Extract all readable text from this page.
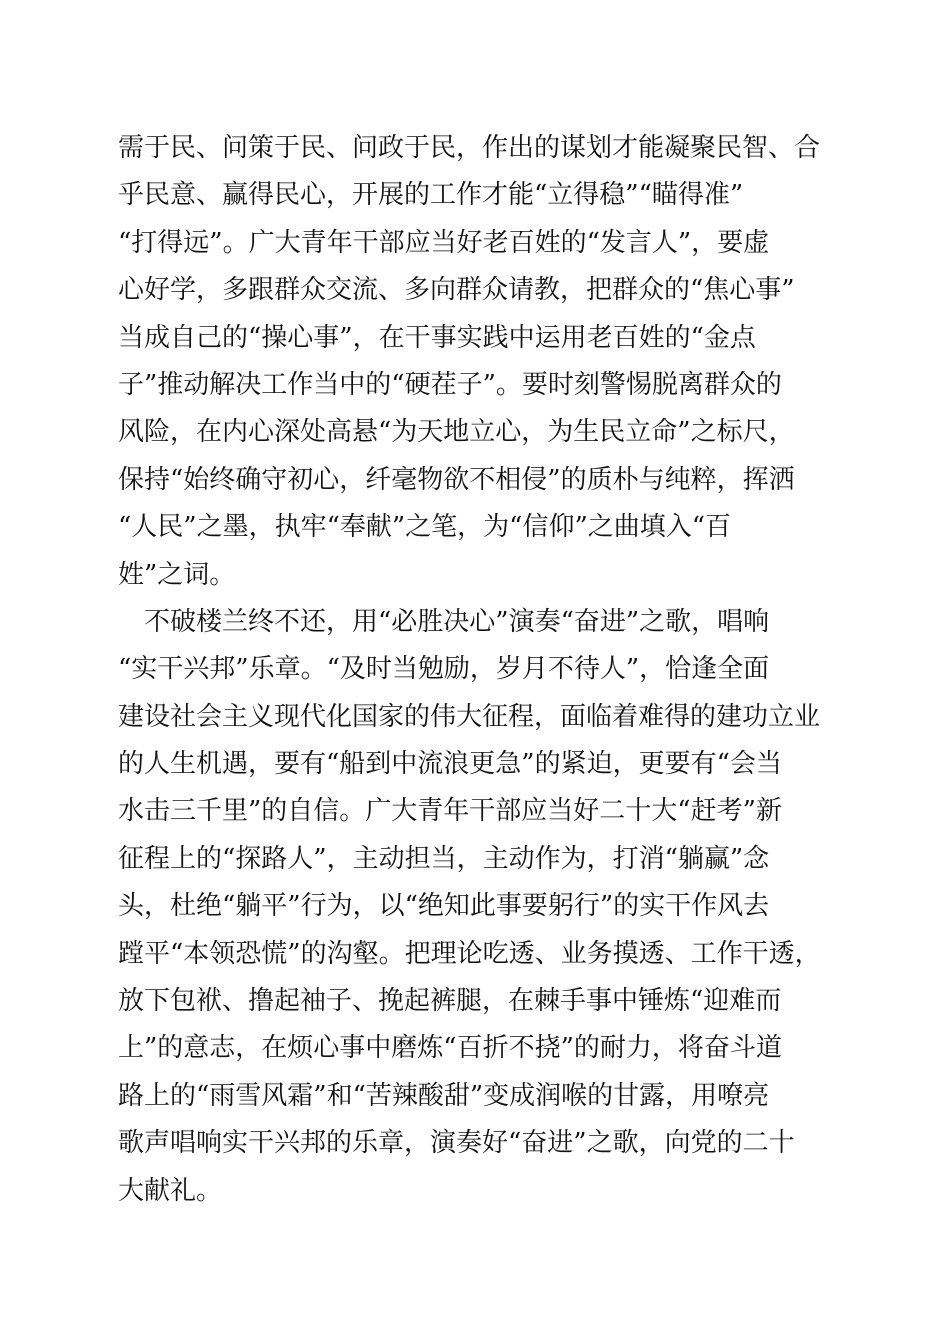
需于民、问策于民、问政于民，作出的谋划才能凝聚民智、合
乎民意、赢得民心，开展的工作才能“立得稳”“瞄得准”
“打得远”。广大青年干部应当好老百姓的“发言人”，要虚
心好学，多跟群众交流、多向群众请教，把群众的“焦心事”
当成自己的“操心事”，在干事实践中运用老百姓的“金点
子”推动解决工作当中的“硬茬子”。要时刻警惕脱离群众的
风险，在内心深处高悬“为天地立心，为生民立命”之标尺，
保持“始终确守初心，纤毫物欲不相侵”的质朴与纯粹，挥洒
“人民”之墨，执牢“奉献”之笔，为“信仰”之曲填入“百
姓”之词。
　不破楼兰终不还，用“必胜决心”演奏“奋进”之歌，唱响
“实干兴邦”乐章。“及时当勉励，岁月不待人”，恰逢全面
建设社会主义现代化国家的伟大征程，面临着难得的建功立业
的人生机遇，要有“船到中流浪更急”的紧迫，更要有“会当
水击三千里”的自信。广大青年干部应当好二十大“赶考”新
征程上的“探路人”，主动担当，主动作为，打消“躺赢”念
头，杜绝“躺平”行为，以“绝知此事要躬行”的实干作风去
蹚平“本领恐慌”的沟壑。把理论吃透、业务摸透、工作干透，
放下包袱、撸起袖子、挽起裤腿，在棘手事中锤炼“迎难而
上”的意志，在烦心事中磨炼“百折不挠”的耐力，将奋斗道
路上的“雨雪风霜”和“苦辣酸甜”变成润喉的甘露，用嘹亮
歌声唱响实干兴邦的乐章，演奏好“奋进”之歌，向党的二十
大献礼。
